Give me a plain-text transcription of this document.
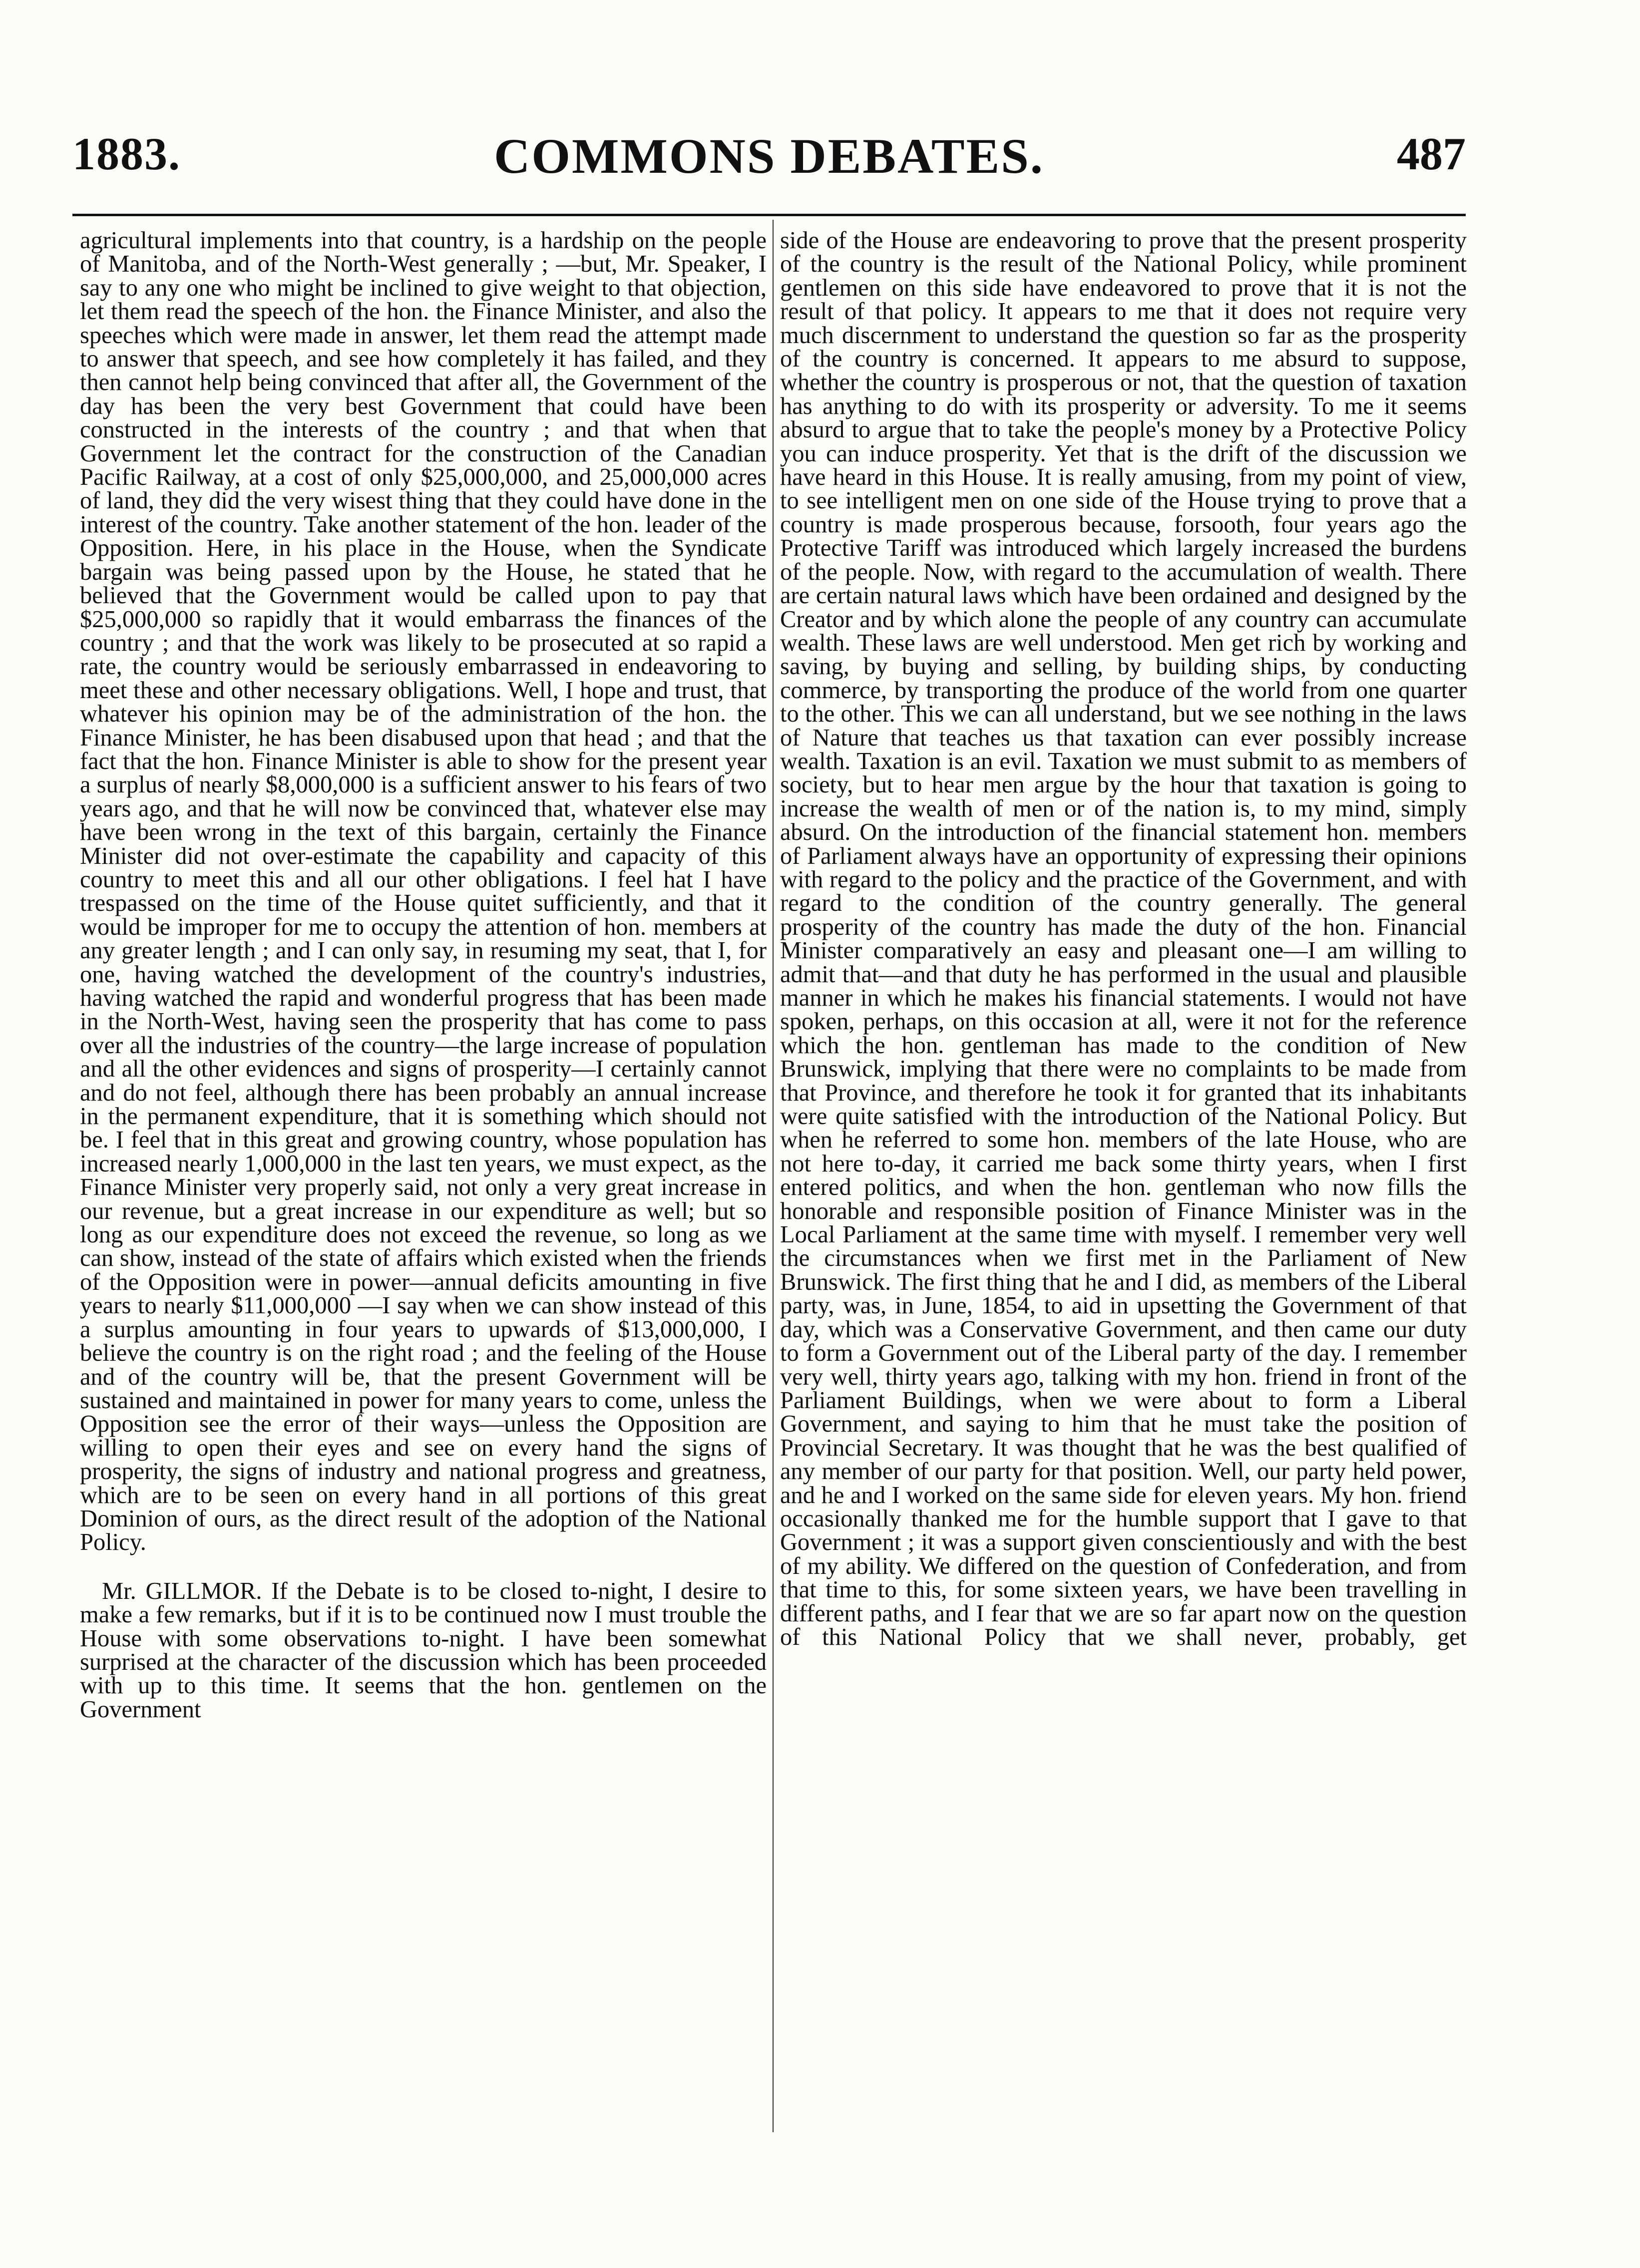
1883.	COMMONS DEBATES.	487

agricultural implements into that country, is a hardship on the people of Manitoba, and of the North-West generally ; —but, Mr. Speaker, I say to any one who might be inclined to give weight to that objection, let them read the speech of the hon. the Finance Minister, and also the speeches which were made in answer, let them read the attempt made to answer that speech, and see how completely it has failed, and they then cannot help being convinced that after all, the Government of the day has been the very best Government that could have been constructed in the interests of the country ; and that when that Government let the contract for the construction of the Canadian Pacific Railway, at a cost of only $25,000,000, and 25,000,000 acres of land, they did the very wisest thing that they could have done in the interest of the country. Take another statement of the hon. leader of the Opposition. Here, in his place in the House, when the Syndicate bargain was being passed upon by the House, he stated that he believed that the Government would be called upon to pay that $25,000,000 so rapidly that it would embarrass the finances of the country ; and that the work was likely to be prosecuted at so rapid a rate, the country would be seriously embarrassed in endeavoring to meet these and other necessary obligations. Well, I hope and trust, that whatever his opinion may be of the administration of the hon. the Finance Minister, he has been disabused upon that head ; and that the fact that the hon. Finance Minister is able to show for the present year a surplus of nearly $8,000,000 is a sufficient answer to his fears of two years ago, and that he will now be convinced that, whatever else may have been wrong in the text of this bargain, certainly the Finance Minister did not over-estimate the capability and capacity of this country to meet this and all our other obligations. I feel hat I have trespassed on the time of the House quitet sufficiently, and that it would be improper for me to occupy the attention of hon. members at any greater length ; and I can only say, in resuming my seat, that I, for one, having watched the development of the country's industries, having watched the rapid and wonderful progress that has been made in the North-West, having seen the prosperity that has come to pass over all the industries of the country—the large increase of population and all the other evidences and signs of prosperity—I certainly cannot and do not feel, although there has been probably an annual increase in the permanent expenditure, that it is something which should not be. I feel that in this great and growing country, whose population has increased nearly 1,000,000 in the last ten years, we must expect, as the Finance Minister very properly said, not only a very great increase in our revenue, but a great increase in our expenditure as well; but so long as our expenditure does not exceed the revenue, so long as we can show, instead of the state of affairs which existed when the friends of the Opposition were in power—annual deficits amounting in five years to nearly $11,000,000 —I say when we can show instead of this a surplus amounting in four years to upwards of $13,000,000, I believe the country is on the right road ; and the feeling of the House and of the country will be, that the present Government will be sustained and maintained in power for many years to come, unless the Opposition see the error of their ways—unless the Opposition are willing to open their eyes and see on every hand the signs of prosperity, the signs of industry and national progress and greatness, which are to be seen on every hand in all portions of this great Dominion of ours, as the direct result of the adoption of the National Policy.

Mr. GILLMOR. If the Debate is to be closed to-night, I desire to make a few remarks, but if it is to be continued now I must trouble the House with some observations to-night. I have been somewhat surprised at the character of the discussion which has been proceeded with up to this time. It seems that the hon. gentlemen on the Government

side of the House are endeavoring to prove that the present prosperity of the country is the result of the National Policy, while prominent gentlemen on this side have endeavored to prove that it is not the result of that policy. It appears to me that it does not require very much discernment to understand the question so far as the prosperity of the country is concerned. It appears to me absurd to suppose, whether the country is prosperous or not, that the question of taxation has anything to do with its prosperity or adversity. To me it seems absurd to argue that to take the people's money by a Protective Policy you can induce prosperity. Yet that is the drift of the discussion we have heard in this House. It is really amusing, from my point of view, to see intelligent men on one side of the House trying to prove that a country is made prosperous because, forsooth, four years ago the Protective Tariff was introduced which largely increased the burdens of the people. Now, with regard to the accumulation of wealth. There are certain natural laws which have been ordained and designed by the Creator and by which alone the people of any country can accumulate wealth. These laws are well understood. Men get rich by working and saving, by buying and selling, by building ships, by conducting commerce, by transporting the produce of the world from one quarter to the other. This we can all understand, but we see nothing in the laws of Nature that teaches us that taxation can ever possibly increase wealth. Taxation is an evil. Taxation we must submit to as members of society, but to hear men argue by the hour that taxation is going to increase the wealth of men or of the nation is, to my mind, simply absurd. On the introduction of the financial statement hon. members of Parliament always have an opportunity of expressing their opinions with regard to the policy and the practice of the Government, and with regard to the condition of the country generally. The general prosperity of the country has made the duty of the hon. Financial Minister comparatively an easy and pleasant one—I am willing to admit that—and that duty he has performed in the usual and plausible manner in which he makes his financial statements. I would not have spoken, perhaps, on this occasion at all, were it not for the reference which the hon. gentleman has made to the condition of New Brunswick, implying that there were no complaints to be made from that Province, and therefore he took it for granted that its inhabitants were quite satisfied with the introduction of the National Policy. But when he referred to some hon. members of the late House, who are not here to-day, it carried me back some thirty years, when I first entered politics, and when the hon. gentleman who now fills the honorable and responsible position of Finance Minister was in the Local Parliament at the same time with myself. I remember very well the circumstances when we first met in the Parliament of New Brunswick. The first thing that he and I did, as members of the Liberal party, was, in June, 1854, to aid in upsetting the Government of that day, which was a Conservative Government, and then came our duty to form a Government out of the Liberal party of the day. I remember very well, thirty years ago, talking with my hon. friend in front of the Parliament Buildings, when we were about to form a Liberal Government, and saying to him that he must take the position of Provincial Secretary. It was thought that he was the best qualified of any member of our party for that position. Well, our party held power, and he and I worked on the same side for eleven years. My hon. friend occasionally thanked me for the humble support that I gave to that Government ; it was a support given conscientiously and with the best of my ability. We differed on the question of Confederation, and from that time to this, for some sixteen years, we have been travelling in different paths, and I fear that we are so far apart now on the question of this National Policy that we shall never, probably, get
